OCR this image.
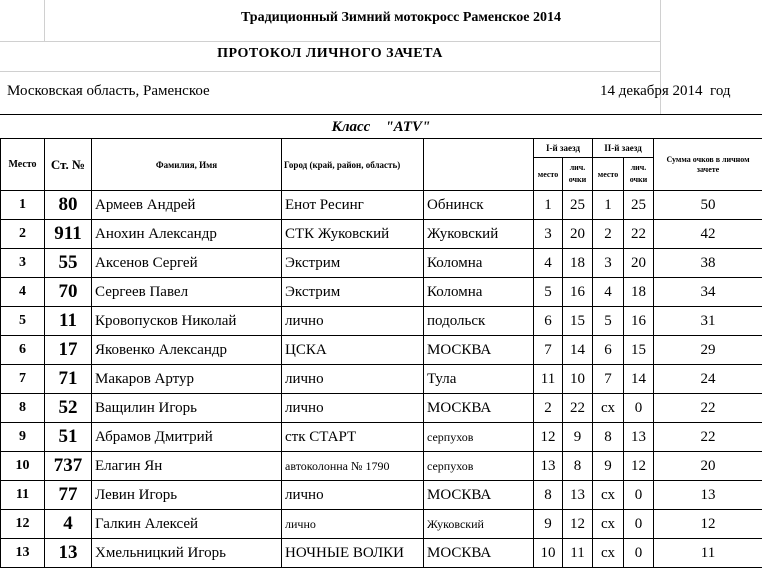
Традиционный Зимний мотокросс Раменское 2014
ПРОТОКОЛ ЛИЧНОГО ЗАЧЕТА
Московская область, Раменское	14 декабря 2014  год
Класс    "ATV"
Место	Ст. №	Фамилия, Имя	Город (край, район, область)		I-й заезд		II-й заезд		Сумма очков в личном зачете
					место	лич. очки	место	лич. очки	
1	80	Армеев Андрей	Енот Ресинг	Обнинск	1	25	1	25	50
2	911	Анохин Александр	СТК Жуковский	Жуковский	3	20	2	22	42
3	55	Аксенов Сергей	Экстрим	Коломна	4	18	3	20	38
4	70	Сергеев Павел	Экстрим	Коломна	5	16	4	18	34
5	11	Кровопусков Николай	лично	подольск	6	15	5	16	31
6	17	Яковенко Александр	ЦСКА	МОСКВА	7	14	6	15	29
7	71	Макаров Артур	лично	Тула	11	10	7	14	24
8	52	Ващилин Игорь	лично	МОСКВА	2	22	сх	0	22
9	51	Абрамов Дмитрий	стк СТАРТ	серпухов	12	9	8	13	22
10	737	Елагин Ян	автоколонна № 1790	серпухов	13	8	9	12	20
11	77	Левин Игорь	лично	МОСКВА	8	13	сх	0	13
12	4	Галкин Алексей	лично	Жуковский	9	12	сх	0	12
13	13	Хмельницкий Игорь	НОЧНЫЕ ВОЛКИ	МОСКВА	10	11	сх	0	11
